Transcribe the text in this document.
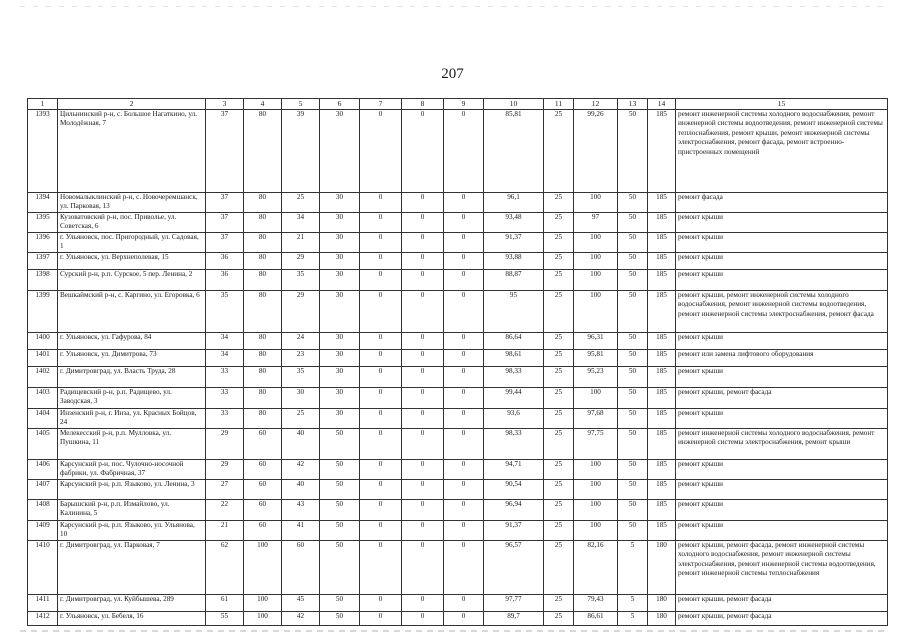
207
1	2	3	4	5	6	7	8	9	10	11	12	13	14	15
1393	Цильнинский р-н, с. Большое Нагаткино, ул. Молодёжная, 7	37	80	39	30	0	0	0	85,81	25	99,26	50	185	ремонт инженерной системы холодного водоснабжения, ремонт инженерной системы водоотведения, ремонт инженерной системы теплоснабжения, ремонт крыши, ремонт инженерной системы электроснабжения, ремонт фасада, ремонт встроенно-пристроенных помещений
1394	Новомалыклинский р-н, с. Новочеремшанск, ул. Парковая, 13	37	80	25	30	0	0	0	96,1	25	100	50	185	ремонт фасада
1395	Кузоватовский р-н, пос. Приволье, ул. Советская, 6	37	80	34	30	0	0	0	93,48	25	97	50	185	ремонт крыши
1396	г. Ульяновск, пос. Пригородный, ул. Садовая, 1	37	80	21	30	0	0	0	91,37	25	100	50	185	ремонт крыши
1397	г. Ульяновск, ул. Верхнеполевая, 15	36	80	29	30	0	0	0	93,88	25	100	50	185	ремонт крыши
1398	Сурский р-н, р.п. Сурское, 5 пер. Ленина, 2	36	80	35	30	0	0	0	88,87	25	100	50	185	ремонт крыши
1399	Вешкаймский р-н, с. Каргино, ул. Егоровка, 6	35	80	29	30	0	0	0	95	25	100	50	185	ремонт крыши, ремонт инженерной системы холодного водоснабжения, ремонт инженерной системы водоотведения, ремонт инженерной системы электроснабжения, ремонт фасада
1400	г. Ульяновск, ул. Гафурова, 84	34	80	24	30	0	0	0	86,64	25	96,31	50	185	ремонт крыши
1401	г. Ульяновск, ул. Димитрова, 73	34	80	23	30	0	0	0	98,61	25	95,81	50	185	ремонт или замена лифтового оборудования
1402	г. Димитровград, ул. Власть Труда, 28	33	80	35	30	0	0	0	98,33	25	95,23	50	185	ремонт крыши
1403	Радищевский р-н, р.п. Радищево, ул. Заводская, 3	33	80	30	30	0	0	0	99,44	25	100	50	185	ремонт крыши, ремонт фасада
1404	Инзенский р-н, г. Инза, ул. Красных Бойцов, 24	33	80	25	30	0	0	0	93,6	25	97,68	50	185	ремонт крыши
1405	Мелекесский р-н, р.п. Мулловка, ул. Пушкина, 11	29	60	40	50	0	0	0	98,33	25	97,75	50	185	ремонт инженерной системы холодного водоснабжения, ремонт инженерной системы электроснабжения, ремонт крыши
1406	Карсунский р-н, пос. Чулочно-носочной фабрики, ул. Фабричная, 37	29	60	42	50	0	0	0	94,71	25	100	50	185	ремонт крыши
1407	Карсунский р-н, р.п. Языково, ул. Ленина, 3	27	60	40	50	0	0	0	90,54	25	100	50	185	ремонт крыши
1408	Барышский р-н, р.п. Измайлово, ул. Калинина, 5	22	60	43	50	0	0	0	96,94	25	100	50	185	ремонт крыши
1409	Карсунский р-н, р.п. Языково, ул. Ульянова, 10	21	60	41	50	0	0	0	91,37	25	100	50	185	ремонт крыши
1410	г. Димитровград, ул. Парковая, 7	62	100	60	50	0	0	0	96,57	25	82,16	5	180	ремонт крыши, ремонт фасада, ремонт инженерной системы холодного водоснабжения, ремонт инженерной системы электроснабжения, ремонт инженерной системы водоотведения, ремонт инженерной системы теплоснабжения
1411	г. Димитровград, ул. Куйбышева, 289	61	100	45	50	0	0	0	97,77	25	79,43	5	180	ремонт крыши, ремонт фасада
1412	г. Ульяновск, ул. Бебеля, 16	55	100	42	50	0	0	0	89,7	25	86,61	5	180	ремонт крыши, ремонт фасада
